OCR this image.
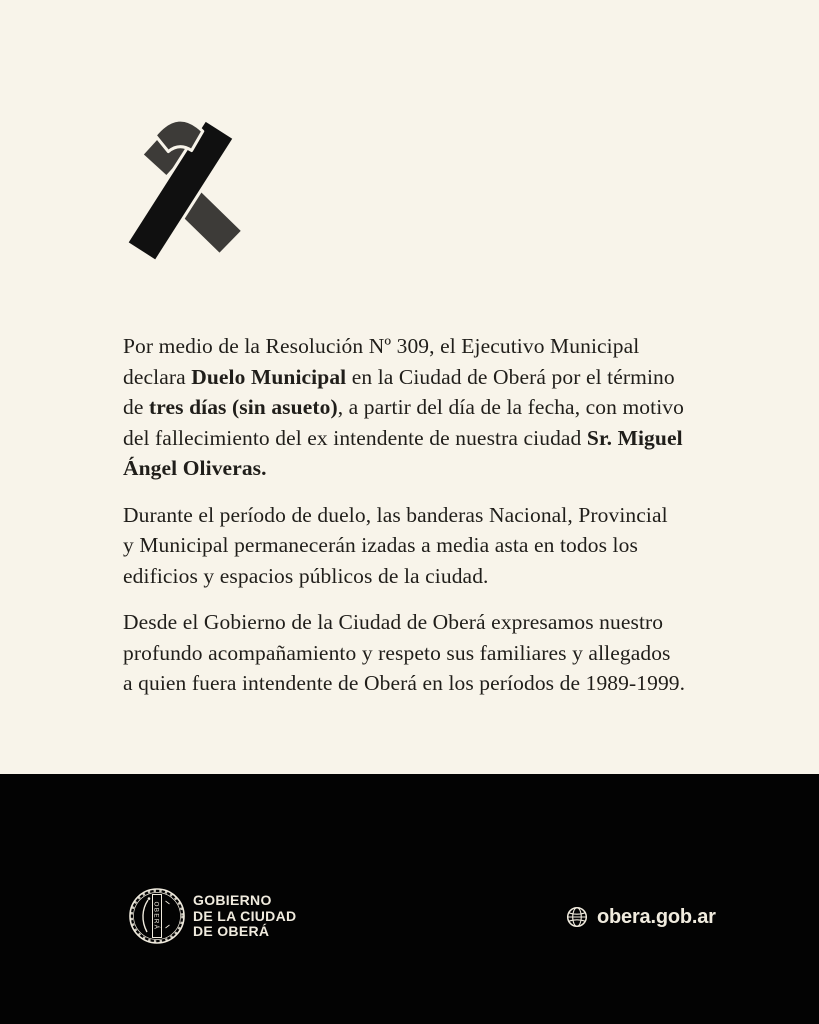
Por medio de la Resolución Nº 309, el Ejecutivo Municipal
declara Duelo Municipal en la Ciudad de Oberá por el término
de tres días (sin asueto), a partir del día de la fecha, con motivo
del fallecimiento del ex intendente de nuestra ciudad Sr. Miguel
Ángel Oliveras.

Durante el período de duelo, las banderas Nacional, Provincial
y Municipal permanecerán izadas a media asta en todos los
edificios y espacios públicos de la ciudad.

Desde el Gobierno de la Ciudad de Oberá expresamos nuestro
profundo acompañamiento y respeto sus familiares y allegados
a quien fuera intendente de Oberá en los períodos de 1989-1999.

OBERÁ
GOBIERNO
DE LA CIUDAD
DE OBERÁ
obera.gob.ar
